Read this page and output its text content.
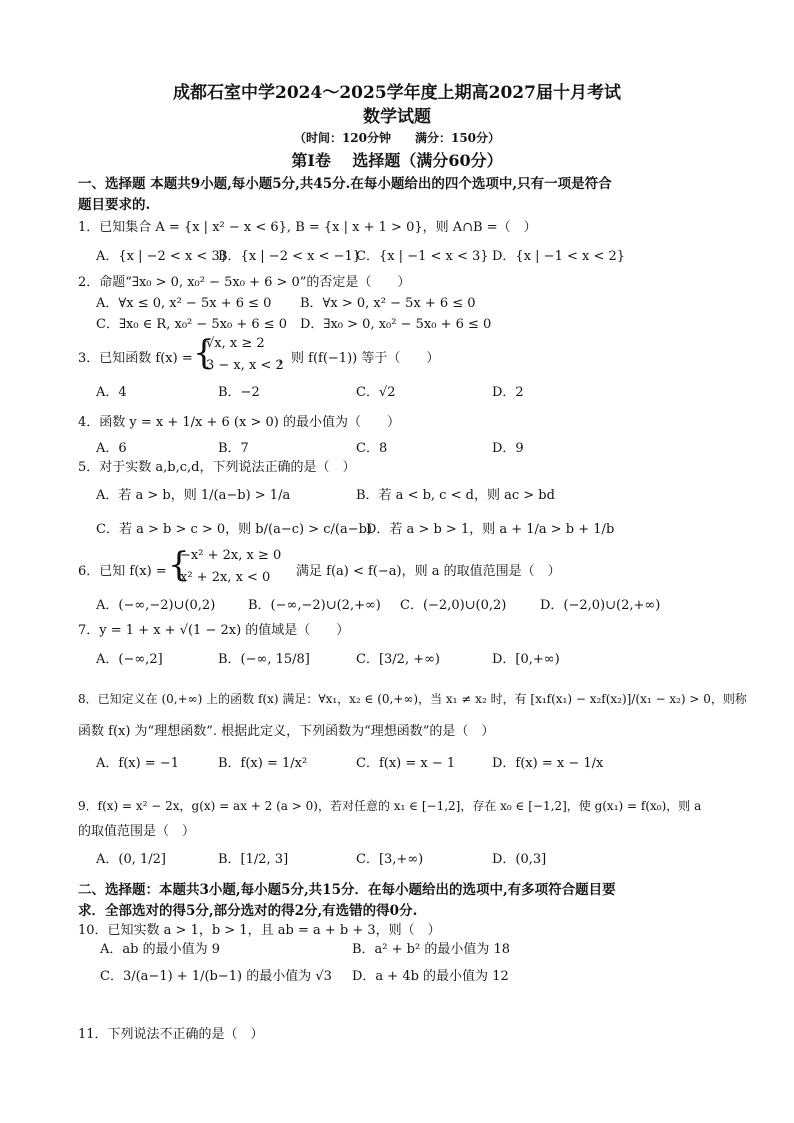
成都石室中学2024～2025学年度上期高2027届十月考试
数学试题
（时间：120分钟　　满分：150分）
第Ⅰ卷　 选择题（满分60分）
一、选择题 本题共9小题,每小题5分,共45分.在每小题给出的四个选项中,只有一项是符合
题目要求的.
1．已知集合 A = {x | x² − x < 6}, B = {x | x + 1 > 0}，则 A∩B =（　）
A．{x | −2 < x < 3}
B．{x | −2 < x < −1}
C．{x | −1 < x < 3} D．{x | −1 < x < 2}
2．命题“∃x₀ > 0, x₀² − 5x₀ + 6 > 0”的否定是（　　）
A．∀x ≤ 0, x² − 5x + 6 ≤ 0 B．∀x > 0, x² − 5x + 6 ≤ 0
C．∃x₀ ∈ R, x₀² − 5x₀ + 6 ≤ 0 D．∃x₀ > 0, x₀² − 5x₀ + 6 ≤ 0
3．已知函数 f(x) = {
√x, x ≥ 2
3 − x, x < 2
，则 f(f(−1)) 等于（　　）
A．4	B．−2	C．√2	D．2
4．函数 y = x + 1/x + 6 (x > 0) 的最小值为（　　）
A．6	B．7	C．8	D．9
5．对于实数 a,b,c,d，下列说法正确的是（　）
A．若 a > b，则 1/(a−b) > 1/a	B．若 a < b, c < d，则 ac > bd
C．若 a > b > c > 0，则 b/(a−c) > c/(a−b)
D．若 a > b > 1，则 a + 1/a > b + 1/b
6．已知 f(x) = {
−x² + 2x, x ≥ 0
x² + 2x, x < 0 满足 f(a) < f(−a)，则 a 的取值范围是（　）
A．(−∞,−2)∪(0,2)	B．(−∞,−2)∪(2,+∞) C．(−2,0)∪(0,2)	D．(−2,0)∪(2,+∞)
7．y = 1 + x + √(1 − 2x) 的值域是（　　）
A．(−∞,2]	B．(−∞, 15/8]	C．[3/2, +∞)	D．[0,+∞)
8．已知定义在 (0,+∞) 上的函数 f(x) 满足：∀x₁，x₂ ∈ (0,+∞)，当 x₁ ≠ x₂ 时，有 [x₁f(x₁) − x₂f(x₂)]/(x₁ − x₂) > 0，则称
函数 f(x) 为“理想函数”. 根据此定义，下列函数为“理想函数”的是（　）
A．f(x) = −1	B．f(x) = 1/x²	C．f(x) = x − 1	D．f(x) = x − 1/x
9．f(x) = x² − 2x，g(x) = ax + 2 (a > 0)，若对任意的 x₁ ∈ [−1,2]，存在 x₀ ∈ [−1,2]，使 g(x₁) = f(x₀)，则 a
的取值范围是（　）
A．(0, 1/2]	B．[1/2, 3]	C．[3,+∞)	D．(0,3]
二、选择题：本题共3小题,每小题5分,共15分．在每小题给出的选项中,有多项符合题目要
求．全部选对的得5分,部分选对的得2分,有选错的得0分.
10．已知实数 a > 1，b > 1，且 ab = a + b + 3，则（　）
A．ab 的最小值为 9	B．a² + b² 的最小值为 18
C．3/(a−1) + 1/(b−1) 的最小值为 √3 D．a + 4b 的最小值为 12
11．下列说法不正确的是（　）
